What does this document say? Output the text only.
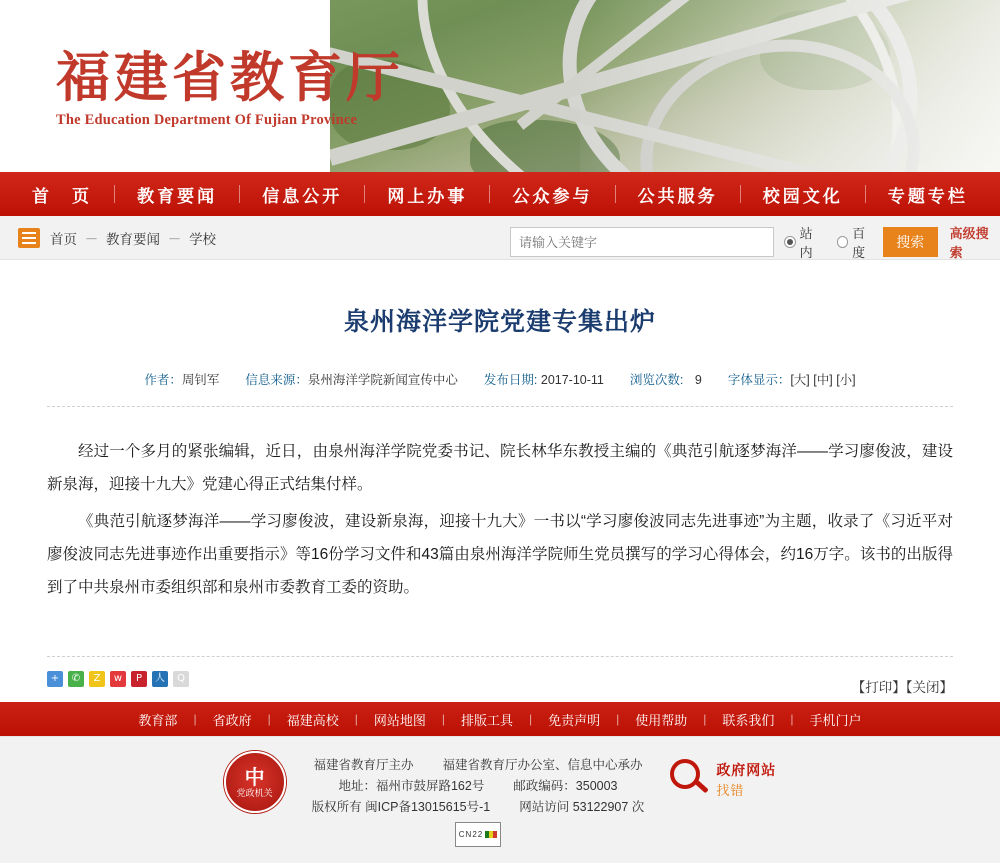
福建省教育厅
The Education Department Of Fujian Province
首　页	教育要闻	信息公开	网上办事	公众参与	公共服务	校园文化	专题专栏
首页 － 教育要闻 － 学校
请输入关键字	站内
百度
搜索
高级搜索
泉州海洋学院党建专集出炉
作者：周钊军 信息来源：泉州海洋学院新闻宣传中心 发布日期: 2017-10-11 浏览次数: 9 字体显示：[大] [中] [小]

经过一个多月的紧张编辑，近日，由泉州海洋学院党委书记、院长林华东教授主编的《典范引航逐梦海洋——学习廖俊波，建设新泉海，迎接十九大》党建心得正式结集付样。

《典范引航逐梦海洋——学习廖俊波，建设新泉海，迎接十九大》一书以“学习廖俊波同志先进事迹”为主题，收录了《习近平对廖俊波同志先进事迹作出重要指示》等16份学习文件和43篇由泉州海洋学院师生党员撰写的学习心得体会，约16万字。该书的出版得到了中共泉州市委组织部和泉州市委教育工委的资助。

+	✆	Z	w	P	人	Q
【打印】【关闭】
教育部	|	省政府	|	福建高校	|	网站地图	|	排版工具	|	免责声明	|	使用帮助	|	联系我们	|	手机门户
中
党政机关
福建省教育厅主办 福建省教育厅办公室、信息中心承办
地址：福州市鼓屏路162号 邮政编码：350003
版权所有 闽ICP备13015615号-1 网站访问 53122907 次
CN22
政府网站
找错
